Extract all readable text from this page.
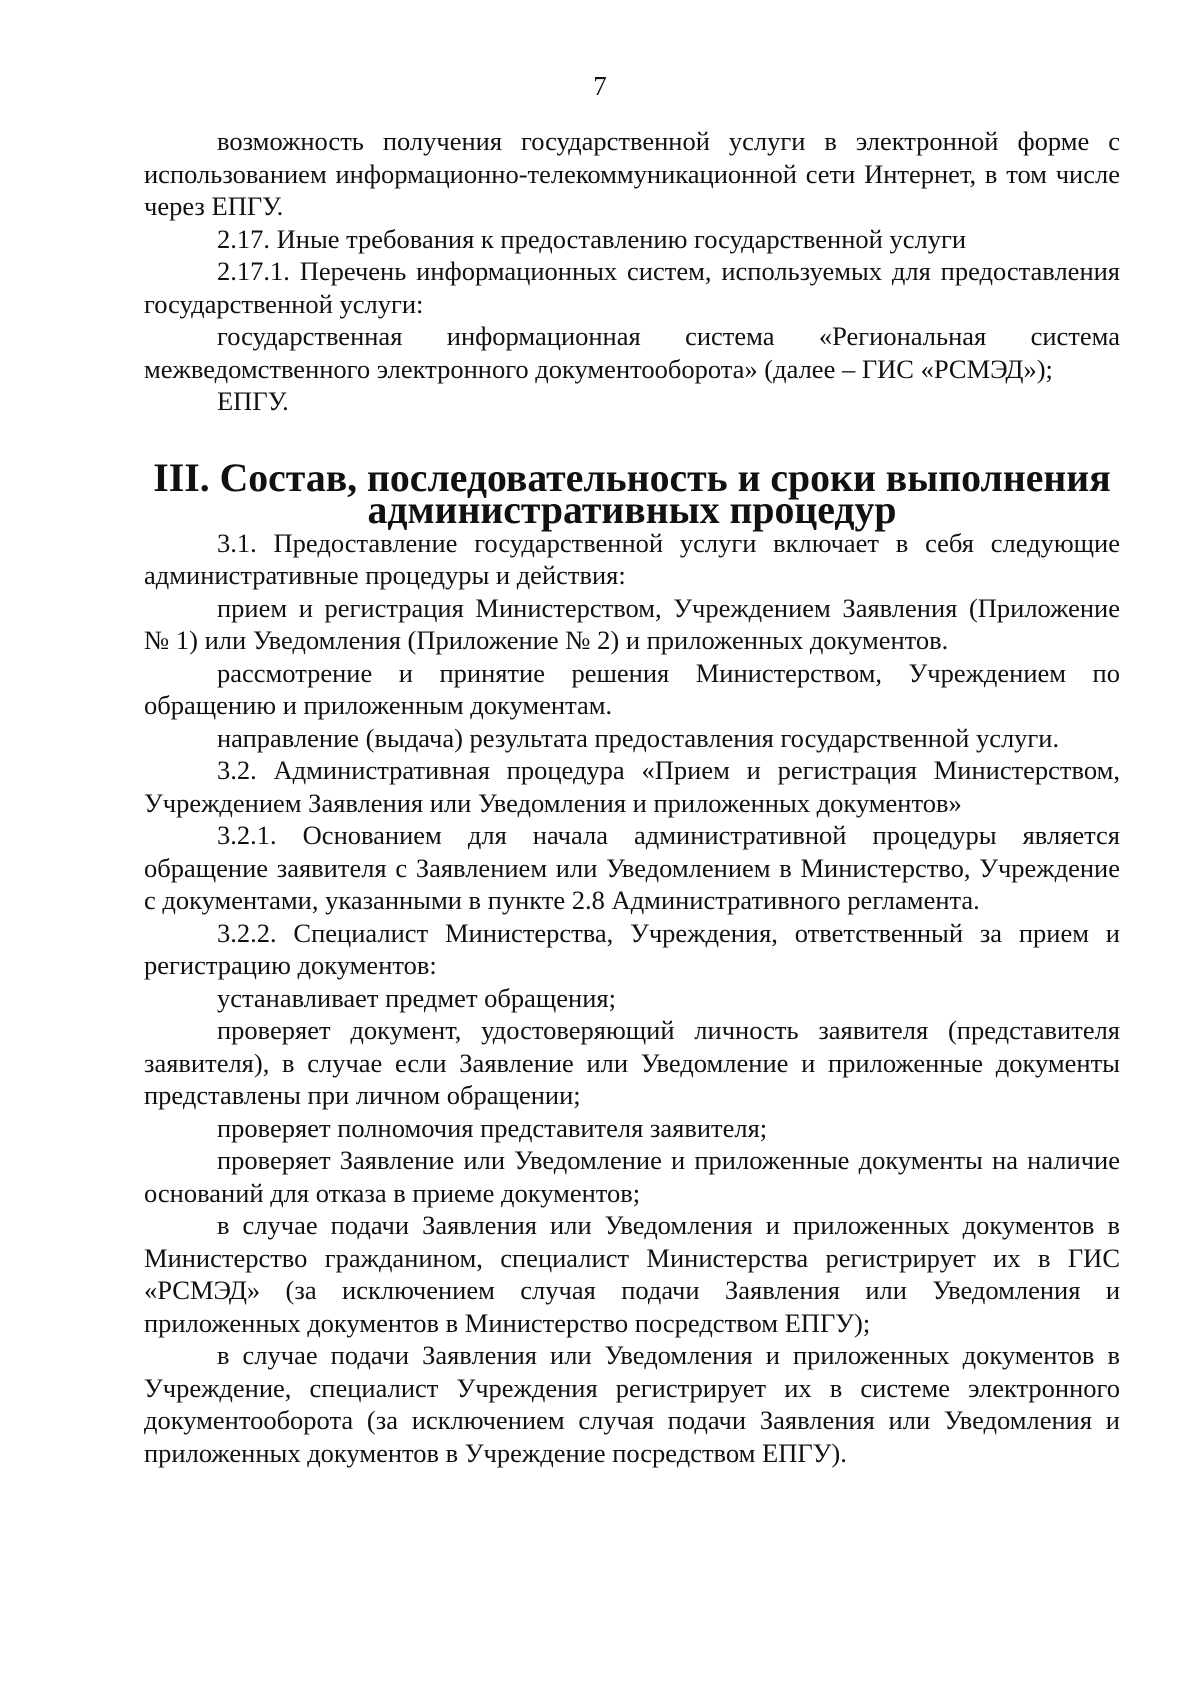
7

возможность получения государственной услуги в электронной форме с использованием информационно-телекоммуникационной сети Интернет, в том числе через ЕПГУ.

2.17. Иные требования к предоставлению государственной услуги

2.17.1. Перечень информационных систем, используемых для предоставления государственной услуги:

государственная информационная система «Региональная система межведомственного электронного документооборота» (далее – ГИС «РСМЭД»);

ЕПГУ.

III. Состав, последовательность и сроки выполнения
административных процедур

3.1. Предоставление государственной услуги включает в себя следующие административные процедуры и действия:

прием и регистрация Министерством, Учреждением Заявления (Приложение № 1) или Уведомления (Приложение № 2) и приложенных документов.

рассмотрение и принятие решения Министерством, Учреждением по обращению и приложенным документам.

направление (выдача) результата предоставления государственной услуги.

3.2. Административная процедура «Прием и регистрация Министерством, Учреждением Заявления или Уведомления и приложенных документов»

3.2.1. Основанием для начала административной процедуры является обращение заявителя с Заявлением или Уведомлением в Министерство, Учреждение с документами, указанными в пункте 2.8 Административного регламента.

3.2.2. Специалист Министерства, Учреждения, ответственный за прием и регистрацию документов:

устанавливает предмет обращения;

проверяет документ, удостоверяющий личность заявителя (представителя заявителя), в случае если Заявление или Уведомление и приложенные документы представлены при личном обращении;

проверяет полномочия представителя заявителя;

проверяет Заявление или Уведомление и приложенные документы на наличие оснований для отказа в приеме документов;

в случае подачи Заявления или Уведомления и приложенных документов в Министерство гражданином, специалист Министерства регистрирует их в ГИС «РСМЭД» (за исключением случая подачи Заявления или Уведомления и приложенных документов в Министерство посредством ЕПГУ);

в случае подачи Заявления или Уведомления и приложенных документов в Учреждение, специалист Учреждения регистрирует их в системе электронного документооборота (за исключением случая подачи Заявления или Уведомления и приложенных документов в Учреждение посредством ЕПГУ).
